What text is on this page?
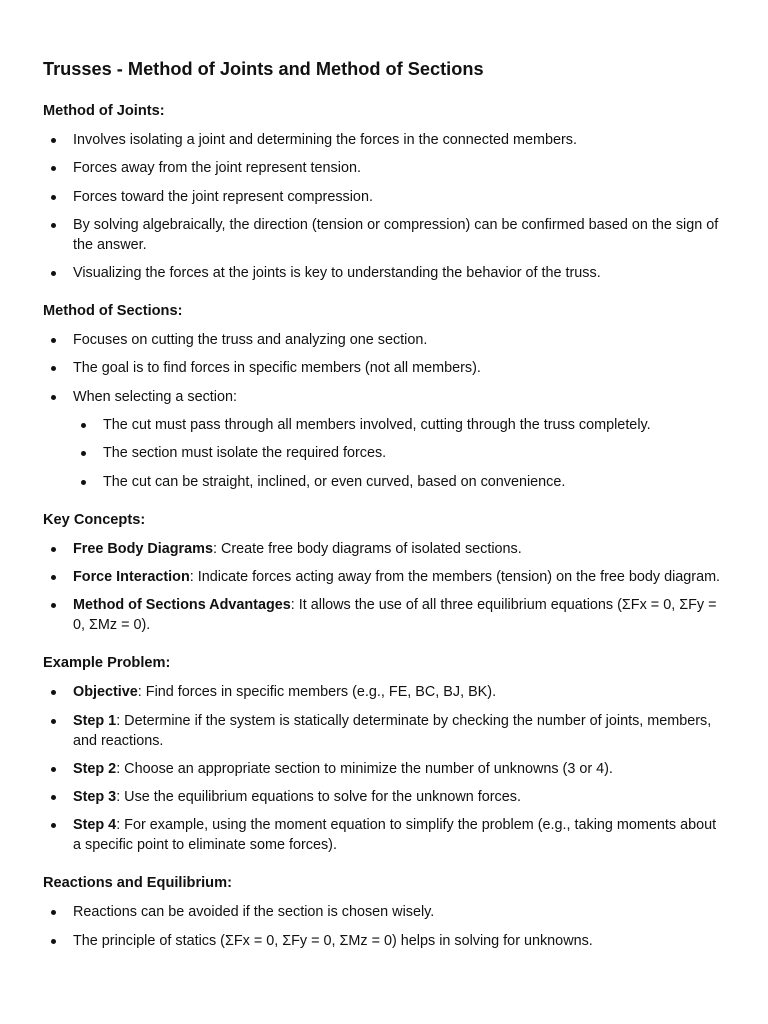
Trusses - Method of Joints and Method of Sections
Method of Joints:
Involves isolating a joint and determining the forces in the connected members.
Forces away from the joint represent tension.
Forces toward the joint represent compression.
By solving algebraically, the direction (tension or compression) can be confirmed based on the sign of the answer.
Visualizing the forces at the joints is key to understanding the behavior of the truss.
Method of Sections:
Focuses on cutting the truss and analyzing one section.
The goal is to find forces in specific members (not all members).
When selecting a section:
The cut must pass through all members involved, cutting through the truss completely.
The section must isolate the required forces.
The cut can be straight, inclined, or even curved, based on convenience.
Key Concepts:
Free Body Diagrams: Create free body diagrams of isolated sections.
Force Interaction: Indicate forces acting away from the members (tension) on the free body diagram.
Method of Sections Advantages: It allows the use of all three equilibrium equations (ΣFx = 0, ΣFy = 0, ΣMz = 0).
Example Problem:
Objective: Find forces in specific members (e.g., FE, BC, BJ, BK).
Step 1: Determine if the system is statically determinate by checking the number of joints, members, and reactions.
Step 2: Choose an appropriate section to minimize the number of unknowns (3 or 4).
Step 3: Use the equilibrium equations to solve for the unknown forces.
Step 4: For example, using the moment equation to simplify the problem (e.g., taking moments about a specific point to eliminate some forces).
Reactions and Equilibrium:
Reactions can be avoided if the section is chosen wisely.
The principle of statics (ΣFx = 0, ΣFy = 0, ΣMz = 0) helps in solving for unknowns.
